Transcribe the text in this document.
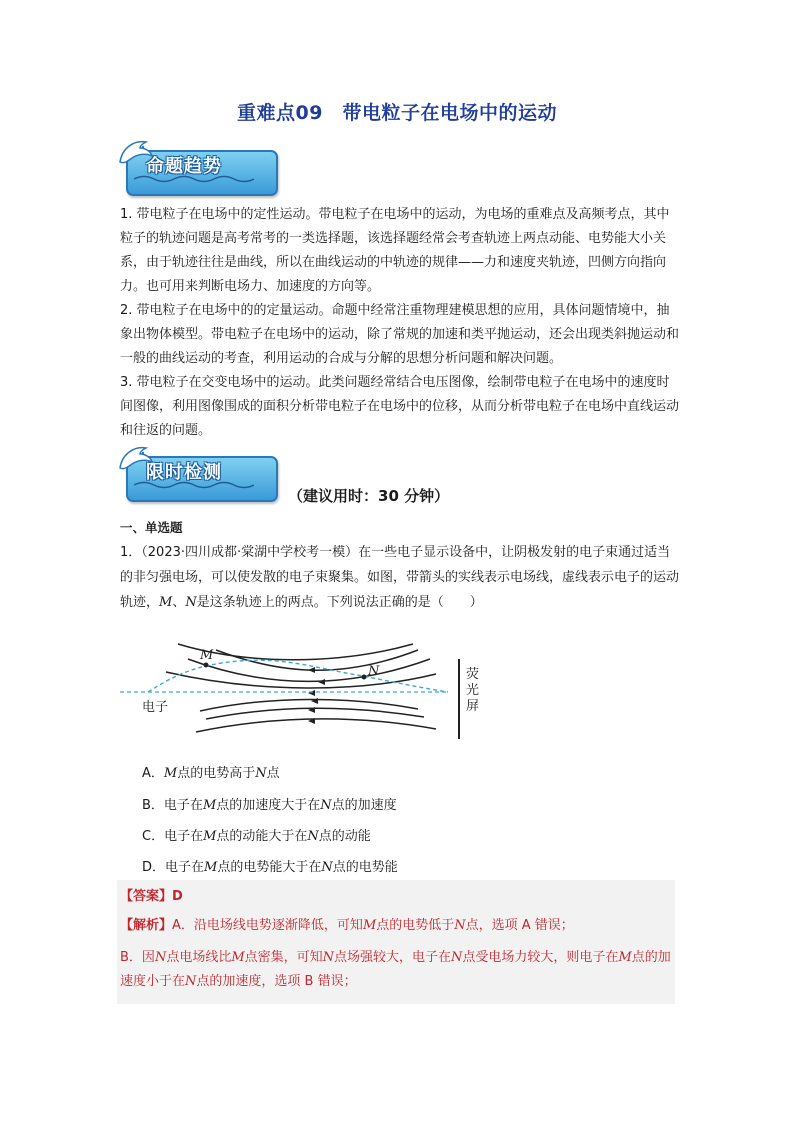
重难点09　带电粒子在电场中的运动
命题趋势
1. 带电粒子在电场中的定性运动。带电粒子在电场中的运动，为电场的重难点及高频考点，其中粒子的轨迹问题是高考常考的一类选择题，该选择题经常会考查轨迹上两点动能、电势能大小关系，由于轨迹往往是曲线，所以在曲线运动的中轨迹的规律——力和速度夹轨迹，凹侧方向指向力。也可用来判断电场力、加速度的方向等。
2. 带电粒子在电场中的的定量运动。命题中经常注重物理建模思想的应用，具体问题情境中，抽象出物体模型。带电粒子在电场中的运动，除了常规的加速和类平抛运动，还会出现类斜抛运动和一般的曲线运动的考查，利用运动的合成与分解的思想分析问题和解决问题。
3. 带电粒子在交变电场中的运动。此类问题经常结合电压图像，绘制带电粒子在电场中的速度时间图像，利用图像围成的面积分析带电粒子在电场中的位移，从而分析带电粒子在电场中直线运动和往返的问题。
限时检测
（建议用时：30 分钟）
一、单选题
1．（2023·四川成都·棠湖中学校考一模）在一些电子显示设备中，让阴极发射的电子束通过适当的非匀强电场，可以使发散的电子束聚集。如图，带箭头的实线表示电场线，虚线表示电子的运动轨迹，M、N是这条轨迹上的两点。下列说法正确的是（　　）
M
N
电子
荧
光
屏
A．M点的电势高于N点
B．电子在M点的加速度大于在N点的加速度
C．电子在M点的动能大于在N点的动能
D．电子在M点的电势能大于在N点的电势能
【答案】D
【解析】A．沿电场线电势逐渐降低，可知M点的电势低于N点，选项 A 错误；
B．因N点电场线比M点密集，可知N点场强较大，电子在N点受电场力较大，则电子在M点的加速度小于在N点的加速度，选项 B 错误；
